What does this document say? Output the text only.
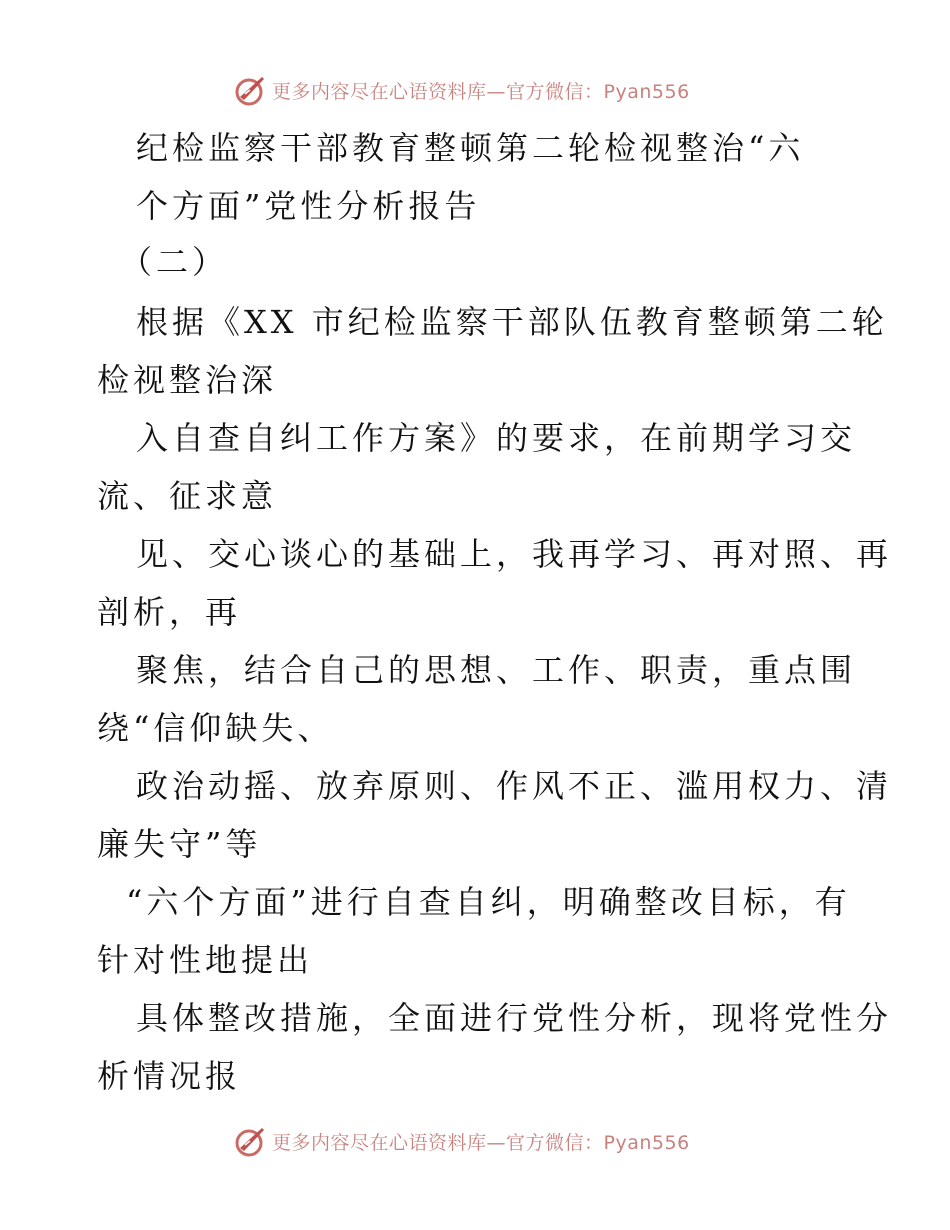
更多内容尽在心语资料库—官方微信：Pyan556
纪检监察干部教育整顿第二轮检视整治“六
个方面”党性分析报告
（二）
根据《XX 市纪检监察干部队伍教育整顿第二轮
检视整治深
入自查自纠工作方案》的要求，在前期学习交
流、征求意
见、交心谈心的基础上，我再学习、再对照、再
剖析，再
聚焦，结合自己的思想、工作、职责，重点围
绕“信仰缺失、
政治动摇、放弃原则、作风不正、滥用权力、清
廉失守”等
“六个方面”进行自查自纠，明确整改目标，有
针对性地提出
具体整改措施，全面进行党性分析，现将党性分
析情况报
更多内容尽在心语资料库—官方微信：Pyan556
